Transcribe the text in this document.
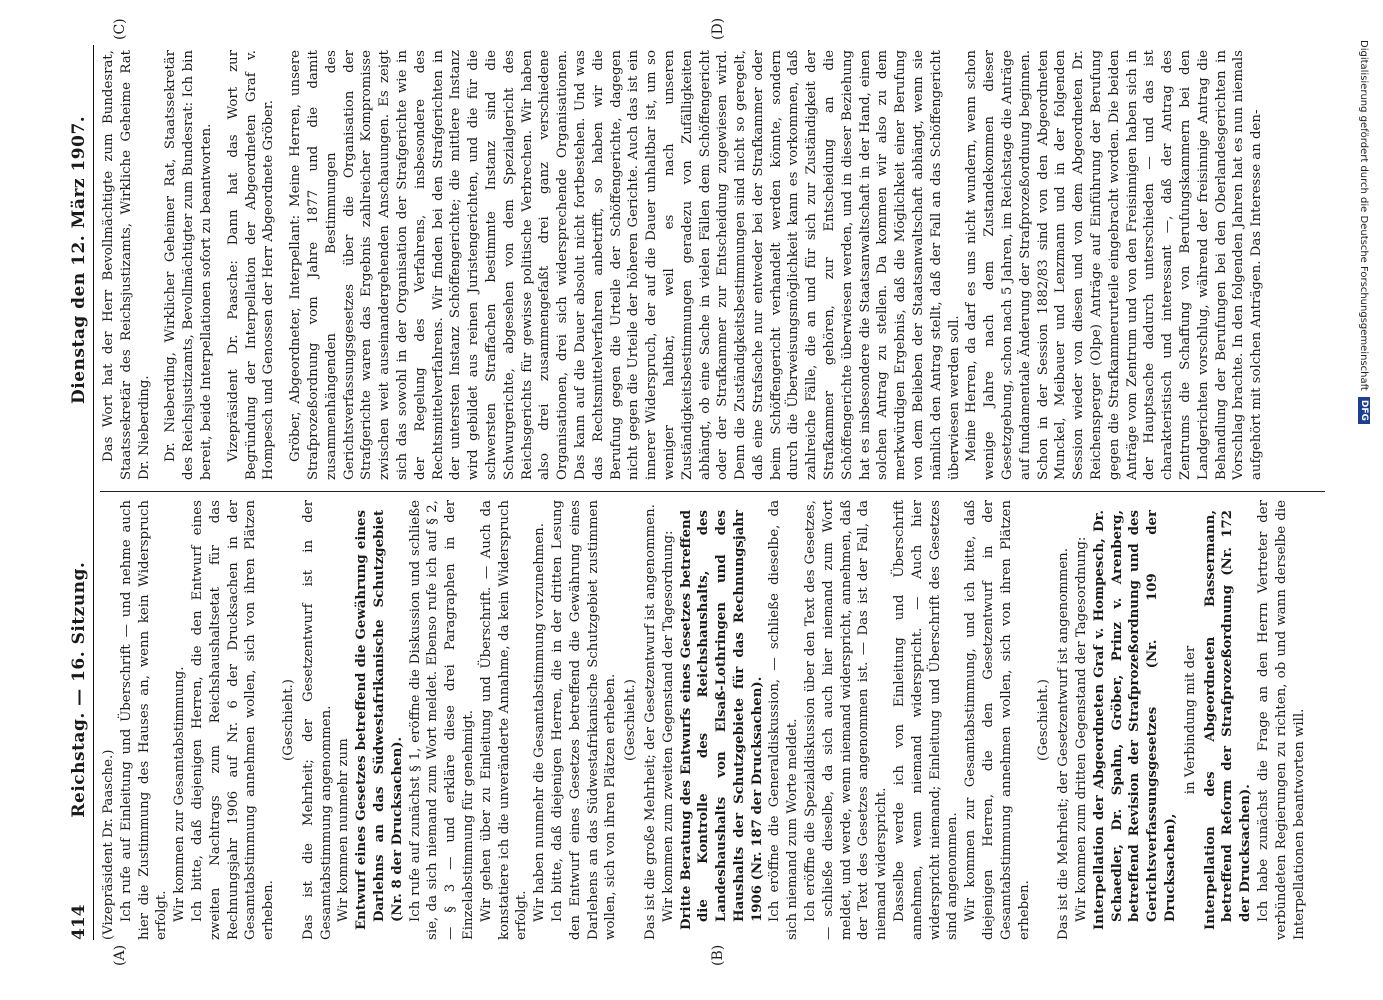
414
Reichstag. — 16. Sitzung.
Dienstag den 12. März 1907.
(A)	(B)
(C)	(D)

(Vizepräsident Dr. Paasche.) Ich rufe auf Einleitung und Überschrift — und nehme auch hier die Zustimmung des Hauses an, wenn kein Widerspruch erfolgt. Wir kommen zur Gesamtabstimmung. Ich bitte, daß diejenigen Herren, die den Entwurf eines zweiten Nachtrags zum Reichshaushaltsetat für das Rechnungsjahr 1906 auf Nr. 6 der Drucksachen in der Gesamtabstimmung annehmen wollen, sich von ihren Plätzen erheben.

(Geschieht.) Das ist die Mehrheit; der Gesetzentwurf ist in der Gesamtabstimmung angenommen. Wir kommen nunmehr zum Entwurf eines Gesetzes betreffend die Gewährung eines Darlehns an das Südwestafrikanische Schutzgebiet (Nr. 8 der Drucksachen). Ich rufe auf zunächst § 1, eröffne die Diskussion und schließe sie, da sich niemand zum Wort meldet. Ebenso rufe ich auf § 2, — § 3 — und erkläre diese drei Paragraphen in der Einzelabstimmung für genehmigt. Wir gehen über zu Einleitung und Überschrift. — Auch da konstatiere ich die unveränderte Annahme, da kein Widerspruch erfolgt. Wir haben nunmehr die Gesamtabstimmung vorzunehmen. Ich bitte, daß diejenigen Herren, die in der dritten Lesung den Entwurf eines Gesetzes betreffend die Gewährung eines Darlehens an das Südwestafrikanische Schutzgebiet zustimmen wollen, sich von ihren Plätzen erheben. (Geschieht.) Das ist die große Mehrheit; der Gesetzentwurf ist angenommen. Wir kommen zum zweiten Gegenstand der Tagesordnung: Dritte Beratung des Entwurfs eines Gesetzes betreffend die Kontrolle des Reichshaushalts, des Landeshaushalts von Elsaß-Lothringen und des Haushalts der Schutzgebiete für das Rechnungsjahr 1906 (Nr. 187 der Drucksachen). Ich eröffne die Generaldiskussion, — schließe dieselbe, da sich niemand zum Worte meldet. Ich eröffne die Spezialdiskussion über den Text des Gesetzes, — schließe dieselbe, da sich auch hier niemand zum Wort meldet, und werde, wenn niemand widerspricht, annehmen, daß der Text des Gesetzes angenommen ist. — Das ist der Fall, da niemand widerspricht. Dasselbe werde ich von Einleitung und Überschrift annehmen, wenn niemand widerspricht. — Auch hier widerspricht niemand; Einleitung und Überschrift des Gesetzes sind angenommen. Wir kommen zur Gesamtabstimmung, und ich bitte, daß diejenigen Herren, die den Gesetzentwurf in der Gesamtabstimmung annehmen wollen, sich von ihren Plätzen erheben.

(Geschieht.) Das ist die Mehrheit; der Gesetzentwurf ist angenommen. Wir kommen zum dritten Gegenstand der Tagesordnung: Interpellation der Abgeordneten Graf v. Hompesch, Dr. Schaedler, Dr. Spahn, Gröber, Prinz v. Arenberg, betreffend Revision der Strafprozeßordnung und des Gerichtsverfassungsgesetzes (Nr. 109 der Drucksachen),

in Verbindung mit der Interpellation des Abgeordneten Bassermann, betreffend Reform der Strafprozeßordnung (Nr. 172 der Drucksachen). Ich habe zunächst die Frage an den Herrn Vertreter der verbündeten Regierungen zu richten, ob und wann derselbe die Interpellationen beantworten will.

Das Wort hat der Herr Bevollmächtigte zum Bundesrat, Staatssekretär des Reichsjustizamts, Wirkliche Geheime Rat Dr. Nieberding. Dr. Nieberding, Wirklicher Geheimer Rat, Staatssekretär des Reichsjustizamts, Bevollmächtigter zum Bundesrat: Ich bin bereit, beide Interpellationen sofort zu beantworten. Vizepräsident Dr. Paasche: Dann hat das Wort zur Begründung der Interpellation der Abgeordneten Graf v. Hompesch und Genossen der Herr Abgeordnete Gröber. Gröber, Abgeordneter, Interpellant: Meine Herren, unsere Strafprozeßordnung vom Jahre 1877 und die damit zusammenhängenden Bestimmungen des Gerichtsverfassungsgesetzes über die Organisation der Strafgerichte waren das Ergebnis zahlreicher Kompromisse zwischen weit auseinandergehenden Anschauungen. Es zeigt sich das sowohl in der Organisation der Strafgerichte wie in der Regelung des Verfahrens, insbesondere des Rechtsmittelverfahrens. Wir finden bei den Strafgerichten in der untersten Instanz Schöffengerichte; die mittlere Instanz wird gebildet aus reinen Juristengerichten, und die für die schwersten Straffachen bestimmte Instanz sind die Schwurgerichte, abgesehen von dem Spezialgericht des Reichsgerichts für gewisse politische Verbrechen. Wir haben also drei zusammengefaßt drei ganz verschiedene Organisationen, drei sich widersprechende Organisationen. Das kann auf die Dauer absolut nicht fortbestehen. Und was das Rechtsmittelverfahren anbetrifft, so haben wir die Berufung gegen die Urteile der Schöffengerichte, dagegen nicht gegen die Urteile der höheren Gerichte. Auch das ist ein innerer Widerspruch, der auf die Dauer unhaltbar ist, um so weniger haltbar, weil es nach unseren Zuständigkeitsbestimmungen geradezu von Zufälligkeiten abhängt, ob eine Sache in vielen Fällen dem Schöffengericht oder der Strafkammer zur Entscheidung zugewiesen wird. Denn die Zuständigkeitsbestimmungen sind nicht so geregelt, daß eine Strafsache nur entweder bei der Strafkammer oder beim Schöffengericht verhandelt werden könnte, sondern durch die Überweisungsmöglichkeit kann es vorkommen, daß zahlreiche Fälle, die an und für sich zur Zuständigkeit der Strafkammer gehören, zur Entscheidung an die Schöffengerichte überwiesen werden, und in dieser Beziehung hat es insbesondere die Staatsanwaltschaft in der Hand, einen solchen Antrag zu stellen. Da kommen wir also zu dem merkwürdigen Ergebnis, daß die Möglichkeit einer Berufung von dem Belieben der Staatsanwaltschaft abhängt, wenn sie nämlich den Antrag stellt, daß der Fall an das Schöffengericht überwiesen werden soll. Meine Herren, da darf es uns nicht wundern, wenn schon wenige Jahre nach dem Zustandekommen dieser Gesetzgebung, schon nach 5 Jahren, im Reichstage die Anträge auf fundamentale Änderung der Strafprozeßordnung beginnen. Schon in der Session 1882/83 sind von den Abgeordneten Munckel, Meibauer und Lenzmann und in der folgenden Session wieder von diesen und von dem Abgeordneten Dr. Reichensperger (Olpe) Anträge auf Einführung der Berufung gegen die Strafkammerurteile eingebracht worden. Die beiden Anträge vom Zentrum und von den Freisinnigen haben sich in der Hauptsache dadurch unterschieden — und das ist charakteristisch und interessant —, daß der Antrag des Zentrums die Schaffung von Berufungskammern bei den Landgerichten vorschlug, während der freisinnige Antrag die Behandlung der Berufungen bei den Oberlandesgerichten in Vorschlag brachte. In den folgenden Jahren hat es nun niemals aufgehört mit solchen Anträgen. Das Interesse an den-	Digitalisierung gefördert durch die Deutsche Forschungsgemeinschaft
DFG
